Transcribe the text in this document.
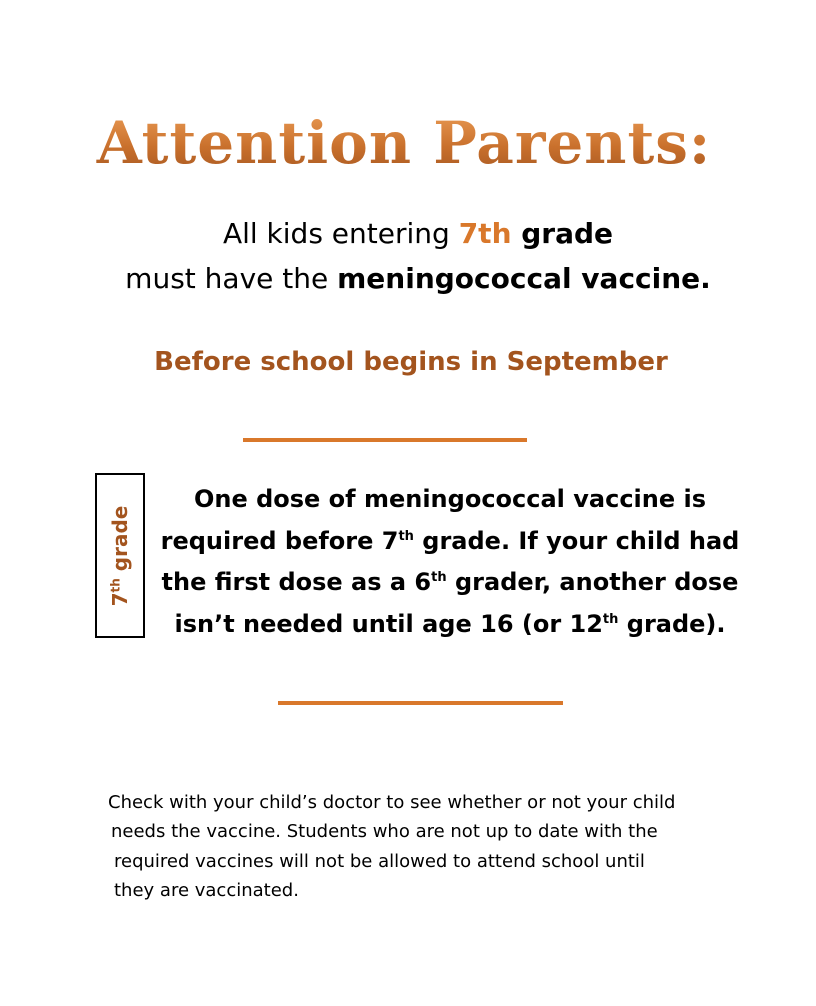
Attention Parents:
All kids entering 7th grade
must have the meningococcal vaccine.
Before school begins in September
7th grade
One dose of meningococcal vaccine is required before 7th grade. If your child had the first dose as a 6th grader, another dose isn’t needed until age 16 (or 12th grade).
Check with your child’s doctor to see whether or not your child
needs the vaccine. Students who are not up to date with the
required vaccines will not be allowed to attend school until
they are vaccinated.
